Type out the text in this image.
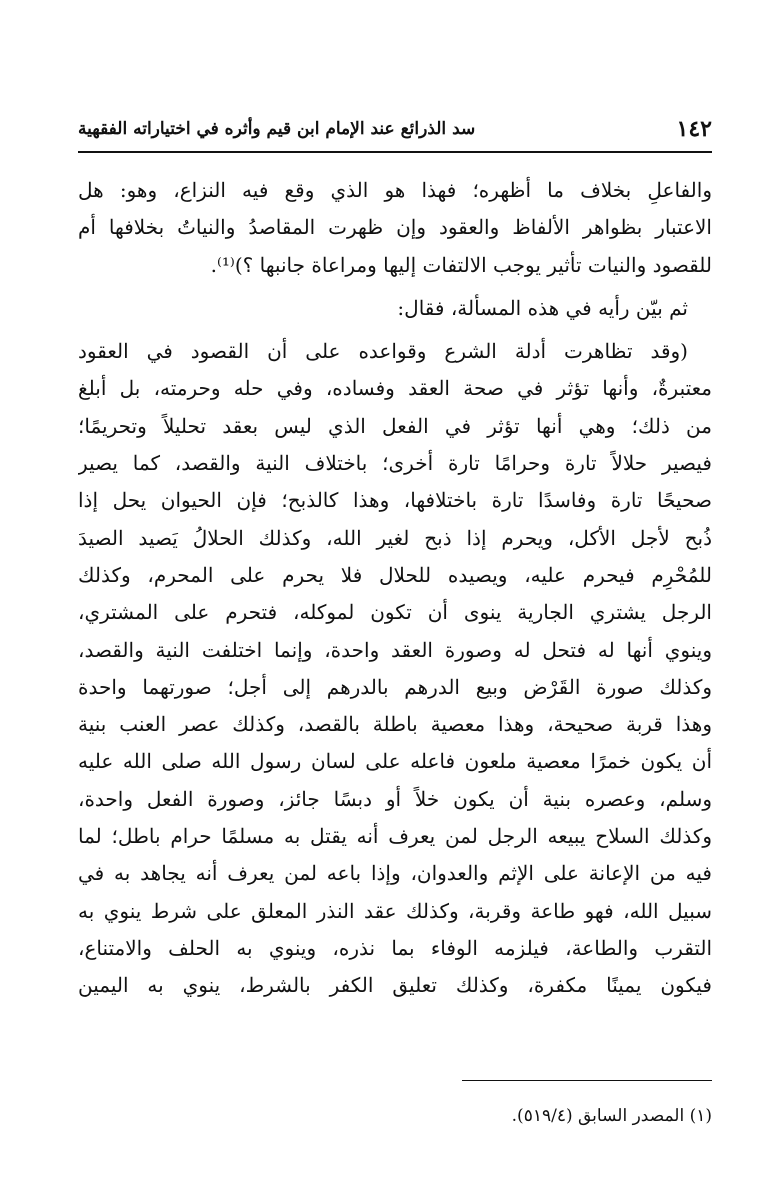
١٤٢
سد الذرائع عند الإمام ابن قيم وأثره في اختياراته الفقهية
والفاعلِ بخلاف ما أظهره؛ فهذا هو الذي وقع فيه النزاع، وهو: هل
الاعتبار بظواهر الألفاظ والعقود وإن ظهرت المقاصدُ والنياتُ بخلافها أم
للقصود والنيات تأثير يوجب الالتفات إليها ومراعاة جانبها ؟)⁽¹⁾.
ثم بيّن رأيه في هذه المسألة، فقال:
(وقد تظاهرت أدلة الشرع وقواعده على أن القصود في العقود
معتبرةٌ، وأنها تؤثر في صحة العقد وفساده، وفي حله وحرمته، بل أبلغ
من ذلك؛ وهي أنها تؤثر في الفعل الذي ليس بعقد تحليلاً وتحريمًا؛
فيصير حلالاً تارة وحرامًا تارة أخرى؛ باختلاف النية والقصد، كما يصير
صحيحًا تارة وفاسدًا تارة باختلافها، وهذا كالذبح؛ فإن الحيوان يحل إذا
ذُبح لأجل الأكل، ويحرم إذا ذبح لغير الله، وكذلك الحلالُ يَصيد الصيدَ
للمُحْرِم فيحرم عليه، ويصيده للحلال فلا يحرم على المحرم، وكذلك
الرجل يشتري الجارية ينوى أن تكون لموكله، فتحرم على المشتري،
وينوي أنها له فتحل له وصورة العقد واحدة، وإنما اختلفت النية والقصد،
وكذلك صورة القَرْض وبيع الدرهم بالدرهم إلى أجل؛ صورتهما واحدة
وهذا قربة صحيحة، وهذا معصية باطلة بالقصد، وكذلك عصر العنب بنية
أن يكون خمرًا معصية ملعون فاعله على لسان رسول الله صلى الله عليه
وسلم، وعصره بنية أن يكون خلاً أو دبسًا جائز، وصورة الفعل واحدة،
وكذلك السلاح يبيعه الرجل لمن يعرف أنه يقتل به مسلمًا حرام باطل؛ لما
فيه من الإعانة على الإثم والعدوان، وإذا باعه لمن يعرف أنه يجاهد به في
سبيل الله، فهو طاعة وقربة، وكذلك عقد النذر المعلق على شرط ينوي به
التقرب والطاعة، فيلزمه الوفاء بما نذره، وينوي به الحلف والامتناع،
فيكون يمينًا مكفرة، وكذلك تعليق الكفر بالشرط، ينوي به اليمين
(١) المصدر السابق (٥١٩/٤).
